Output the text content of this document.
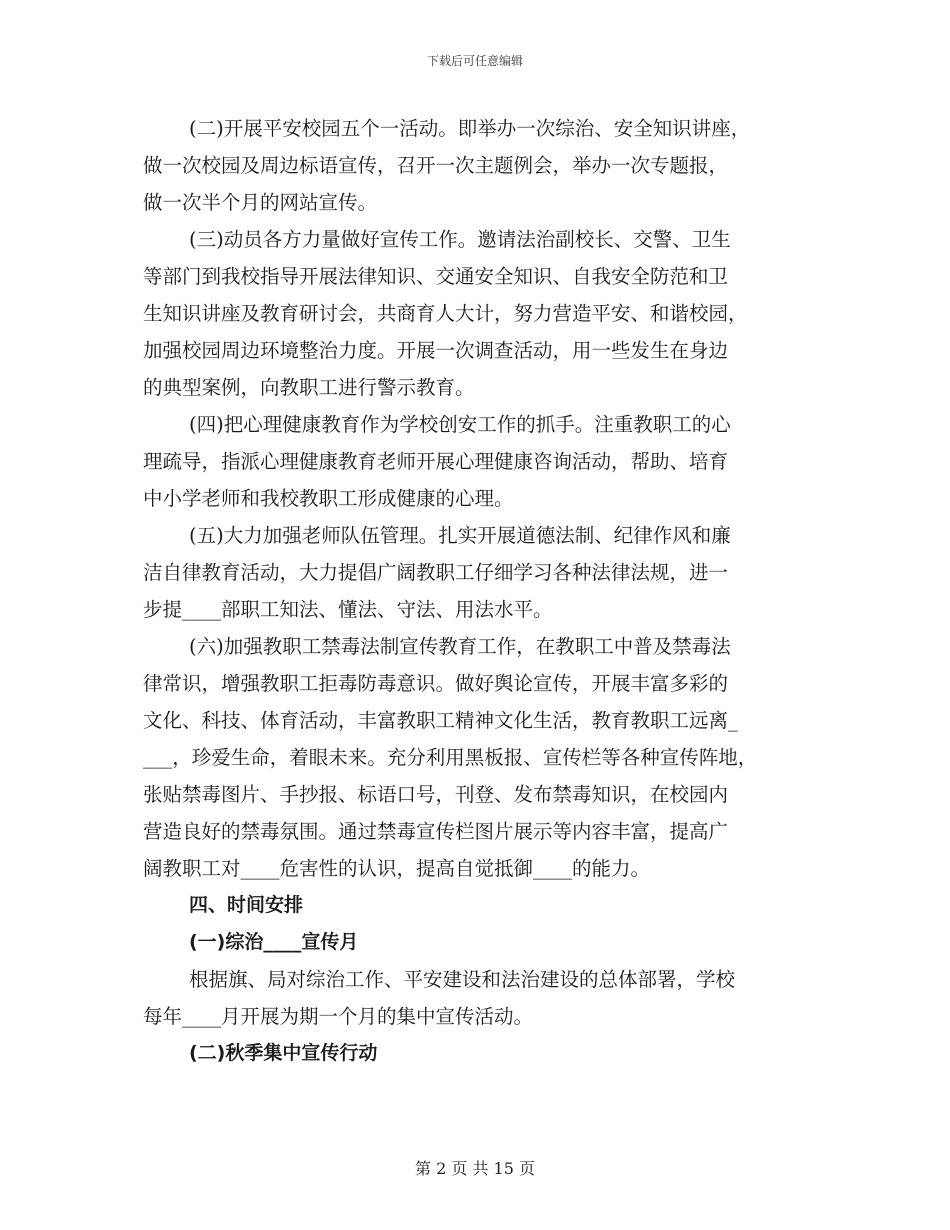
下载后可任意编辑

(二)开展平安校园五个一活动。即举办一次综治、安全知识讲座，
做一次校园及周边标语宣传，召开一次主题例会，举办一次专题报，
做一次半个月的网站宣传。

(三)动员各方力量做好宣传工作。邀请法治副校长、交警、卫生
等部门到我校指导开展法律知识、交通安全知识、自我安全防范和卫
生知识讲座及教育研讨会，共商育人大计，努力营造平安、和谐校园，
加强校园周边环境整治力度。开展一次调查活动，用一些发生在身边
的典型案例，向教职工进行警示教育。

(四)把心理健康教育作为学校创安工作的抓手。注重教职工的心
理疏导，指派心理健康教育老师开展心理健康咨询活动，帮助、培育
中小学老师和我校教职工形成健康的心理。

(五)大力加强老师队伍管理。扎实开展道德法制、纪律作风和廉
洁自律教育活动，大力提倡广阔教职工仔细学习各种法律法规，进一
步提____部职工知法、懂法、守法、用法水平。

(六)加强教职工禁毒法制宣传教育工作，在教职工中普及禁毒法
律常识，增强教职工拒毒防毒意识。做好舆论宣传，开展丰富多彩的
文化、科技、体育活动，丰富教职工精神文化生活，教育教职工远离_
___，珍爱生命，着眼未来。充分利用黑板报、宣传栏等各种宣传阵地，
张贴禁毒图片、手抄报、标语口号，刊登、发布禁毒知识，在校园内
营造良好的禁毒氛围。通过禁毒宣传栏图片展示等内容丰富，提高广
阔教职工对____危害性的认识，提高自觉抵御____的能力。

四、时间安排

(一)综治____宣传月

根据旗、局对综治工作、平安建设和法治建设的总体部署，学校
每年____月开展为期一个月的集中宣传活动。

(二)秋季集中宣传行动

第 2 页 共 15 页
